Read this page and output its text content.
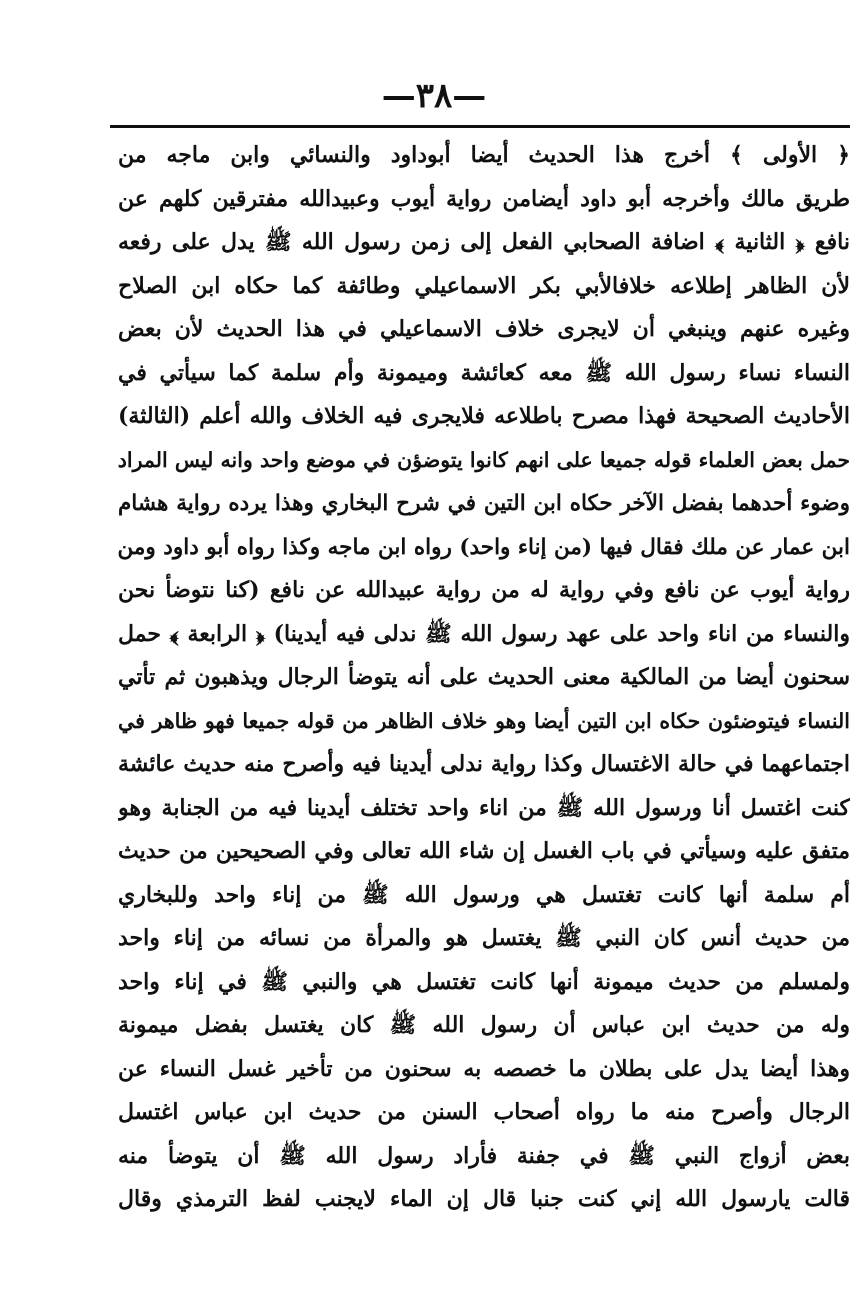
—٣٨—
﴿ الأولى ﴾ أخرج هذا الحديث أيضا أبوداود والنسائي وابن ماجه من
طريق مالك وأخرجه أبو داود أيضامن رواية أيوب وعبيدالله مفترقين كلهم عن
نافع ﴿ الثانية ﴾ اضافة الصحابي الفعل إلى زمن رسول الله ﷺ يدل على رفعه
لأن الظاهر إطلاعه خلافالأبي بكر الاسماعيلي وطائفة كما حكاه ابن الصلاح
وغيره عنهم وينبغي أن لايجرى خلاف الاسماعيلي في هذا الحديث لأن بعض
النساء نساء رسول الله ﷺ معه كعائشة وميمونة وأم سلمة كما سيأتي في
الأحاديث الصحيحة فهذا مصرح باطلاعه فلايجرى فيه الخلاف والله أعلم (الثالثة)
حمل بعض العلماء قوله جميعا على انهم كانوا يتوضؤن في موضع واحد وانه ليس المراد
وضوء أحدهما بفضل الآخر حكاه ابن التين في شرح البخاري وهذا يرده رواية هشام
ابن عمار عن ملك فقال فيها (من إناء واحد) رواه ابن ماجه وكذا رواه أبو داود ومن
رواية أيوب عن نافع وفي رواية له من رواية عبيدالله عن نافع (كنا نتوضأ نحن
والنساء من اناء واحد على عهد رسول الله ﷺ ندلى فيه أيدينا) ﴿ الرابعة ﴾ حمل
سحنون أيضا من المالكية معنى الحديث على أنه يتوضأ الرجال ويذهبون ثم تأتي
النساء فيتوضئون حكاه ابن التين أيضا وهو خلاف الظاهر من قوله جميعا فهو ظاهر في
اجتماعهما في حالة الاغتسال وكذا رواية ندلى أيدينا فيه وأصرح منه حديث عائشة
كنت اغتسل أنا ورسول الله ﷺ من اناء واحد تختلف أيدينا فيه من الجنابة وهو
متفق عليه وسيأتي في باب الغسل إن شاء الله تعالى وفي الصحيحين من حديث
أم سلمة أنها كانت تغتسل هي ورسول الله ﷺ من إناء واحد وللبخاري
من حديث أنس كان النبي ﷺ يغتسل هو والمرأة من نسائه من إناء واحد
ولمسلم من حديث ميمونة أنها كانت تغتسل هي والنبي ﷺ في إناء واحد
وله من حديث ابن عباس أن رسول الله ﷺ كان يغتسل بفضل ميمونة
وهذا أيضا يدل على بطلان ما خصصه به سحنون من تأخير غسل النساء عن
الرجال وأصرح منه ما رواه أصحاب السنن من حديث ابن عباس اغتسل
بعض أزواج النبي ﷺ في جفنة فأراد رسول الله ﷺ أن يتوضأ منه
قالت يارسول الله إني كنت جنبا قال إن الماء لايجنب لفظ الترمذي وقال
